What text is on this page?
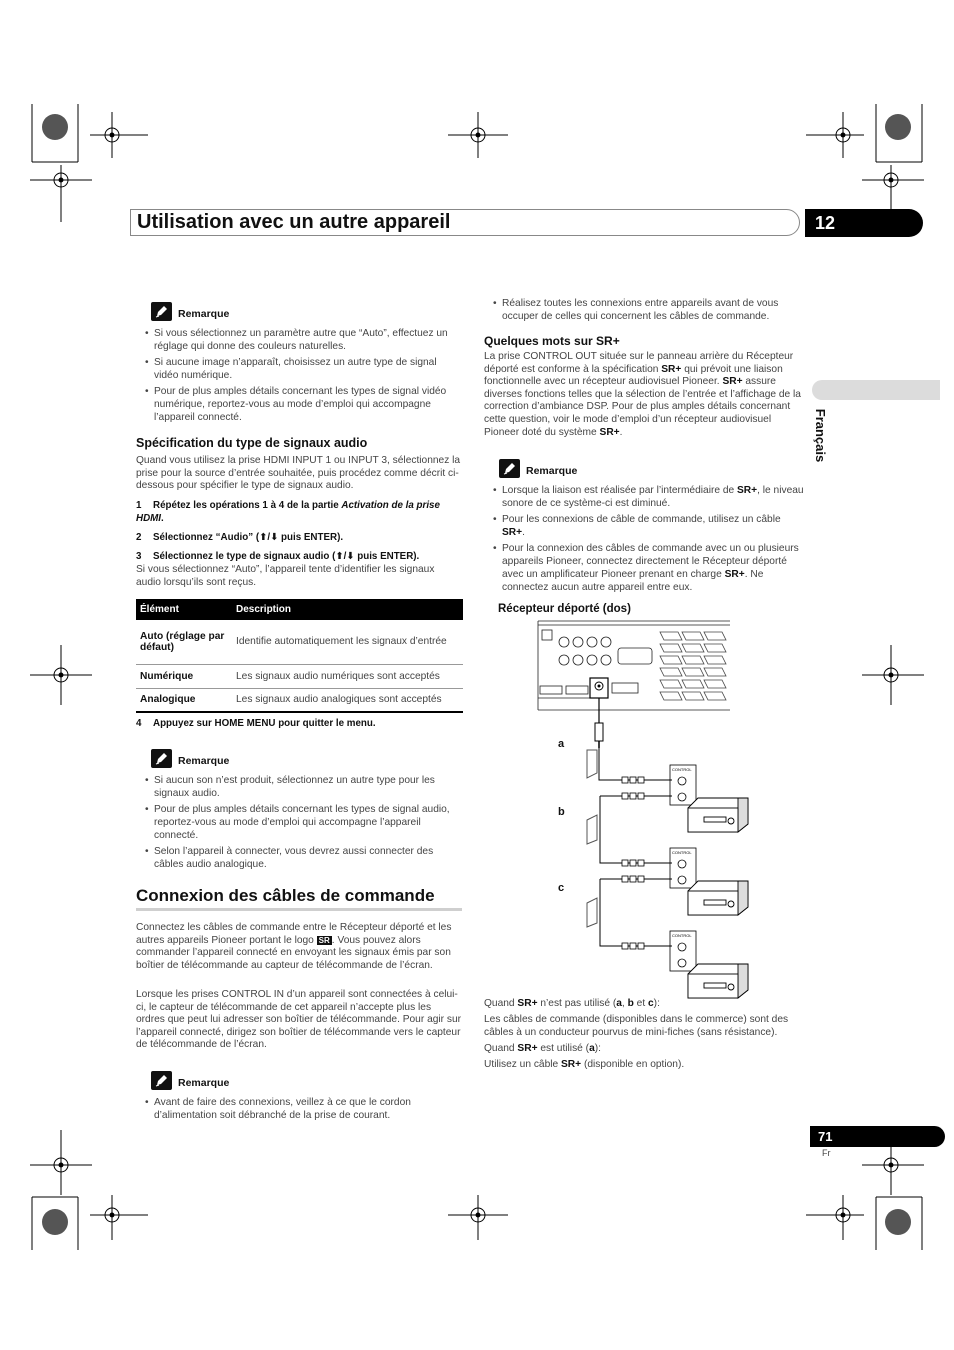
Utilisation avec un autre appareil	12
Français
Remarque
• Si vous sélectionnez un paramètre autre que “Auto”, effectuez un réglage qui donne des couleurs naturelles.
• Si aucune image n’apparaît, choisissez un autre type de signal vidéo numérique.
• Pour de plus amples détails concernant les types de signal vidéo numérique, reportez-vous au mode d’emploi qui accompagne l’appareil connecté.
Spécification du type de signaux audio
Quand vous utilisez la prise HDMI INPUT 1 ou INPUT 3, sélectionnez la prise pour la source d’entrée souhaitée, puis procédez comme décrit ci-dessous pour spécifier le type de signaux audio.
1 Répétez les opérations 1 à 4 de la partie Activation de la prise HDMI.
2 Sélectionnez “Audio” (⬆/⬇ puis ENTER).
3 Sélectionnez le type de signaux audio (⬆/⬇ puis ENTER).
Si vous sélectionnez “Auto”, l’appareil tente d’identifier les signaux audio lorsqu’ils sont reçus.
Élément	Description
Auto (réglage par défaut)	Identifie automatiquement les signaux d’entrée
Numérique	Les signaux audio numériques sont acceptés
Analogique	Les signaux audio analogiques sont acceptés
4 Appuyez sur HOME MENU pour quitter le menu.
Remarque
• Si aucun son n’est produit, sélectionnez un autre type pour les signaux audio.
• Pour de plus amples détails concernant les types de signal audio, reportez-vous au mode d’emploi qui accompagne l’appareil connecté.
• Selon l’appareil à connecter, vous devrez aussi connecter des câbles audio analogique.
Connexion des câbles de commande
Connectez les câbles de commande entre le Récepteur déporté et les autres appareils Pioneer portant le logo SR . Vous pouvez alors commander l’appareil connecté en envoyant les signaux émis par son boîtier de télécommande au capteur de télécommande de l’écran.
Lorsque les prises CONTROL IN d’un appareil sont connectées à celui-ci, le capteur de télécommande de cet appareil n’accepte plus les ordres que peut lui adresser son boîtier de télécommande. Pour agir sur l’appareil connecté, dirigez son boîtier de télécommande vers le capteur de télécommande de l’écran.
Remarque
• Avant de faire des connexions, veillez à ce que le cordon d’alimentation soit débranché de la prise de courant.
• Réalisez toutes les connexions entre appareils avant de vous occuper de celles qui concernent les câbles de commande.
Quelques mots sur SR+
La prise CONTROL OUT située sur le panneau arrière du Récepteur déporté est conforme à la spécification SR+ qui prévoit une liaison fonctionnelle avec un récepteur audiovisuel Pioneer. SR+ assure diverses fonctions telles que la sélection de l’entrée et l’affichage de la correction d’ambiance DSP. Pour de plus amples détails concernant cette question, voir le mode d’emploi d’un récepteur audiovisuel Pioneer doté du système SR+.
Remarque
• Lorsque la liaison est réalisée par l’intermédiaire de SR+, le niveau sonore de ce système-ci est diminué.
• Pour les connexions de câble de commande, utilisez un câble SR+.
• Pour la connexion des câbles de commande avec un ou plusieurs appareils Pioneer, connectez directement le Récepteur déporté avec un amplificateur Pioneer prenant en charge SR+. Ne connectez aucun autre appareil entre eux.
Récepteur déporté (dos)
CONTROL
CONTROL
CONTROL
a
b
c
Quand SR+ n’est pas utilisé (a, b et c):
Les câbles de commande (disponibles dans le commerce) sont des câbles à un conducteur pourvus de mini-fiches (sans résistance).
Quand SR+ est utilisé (a):
Utilisez un câble SR+ (disponible en option).
71
Fr
